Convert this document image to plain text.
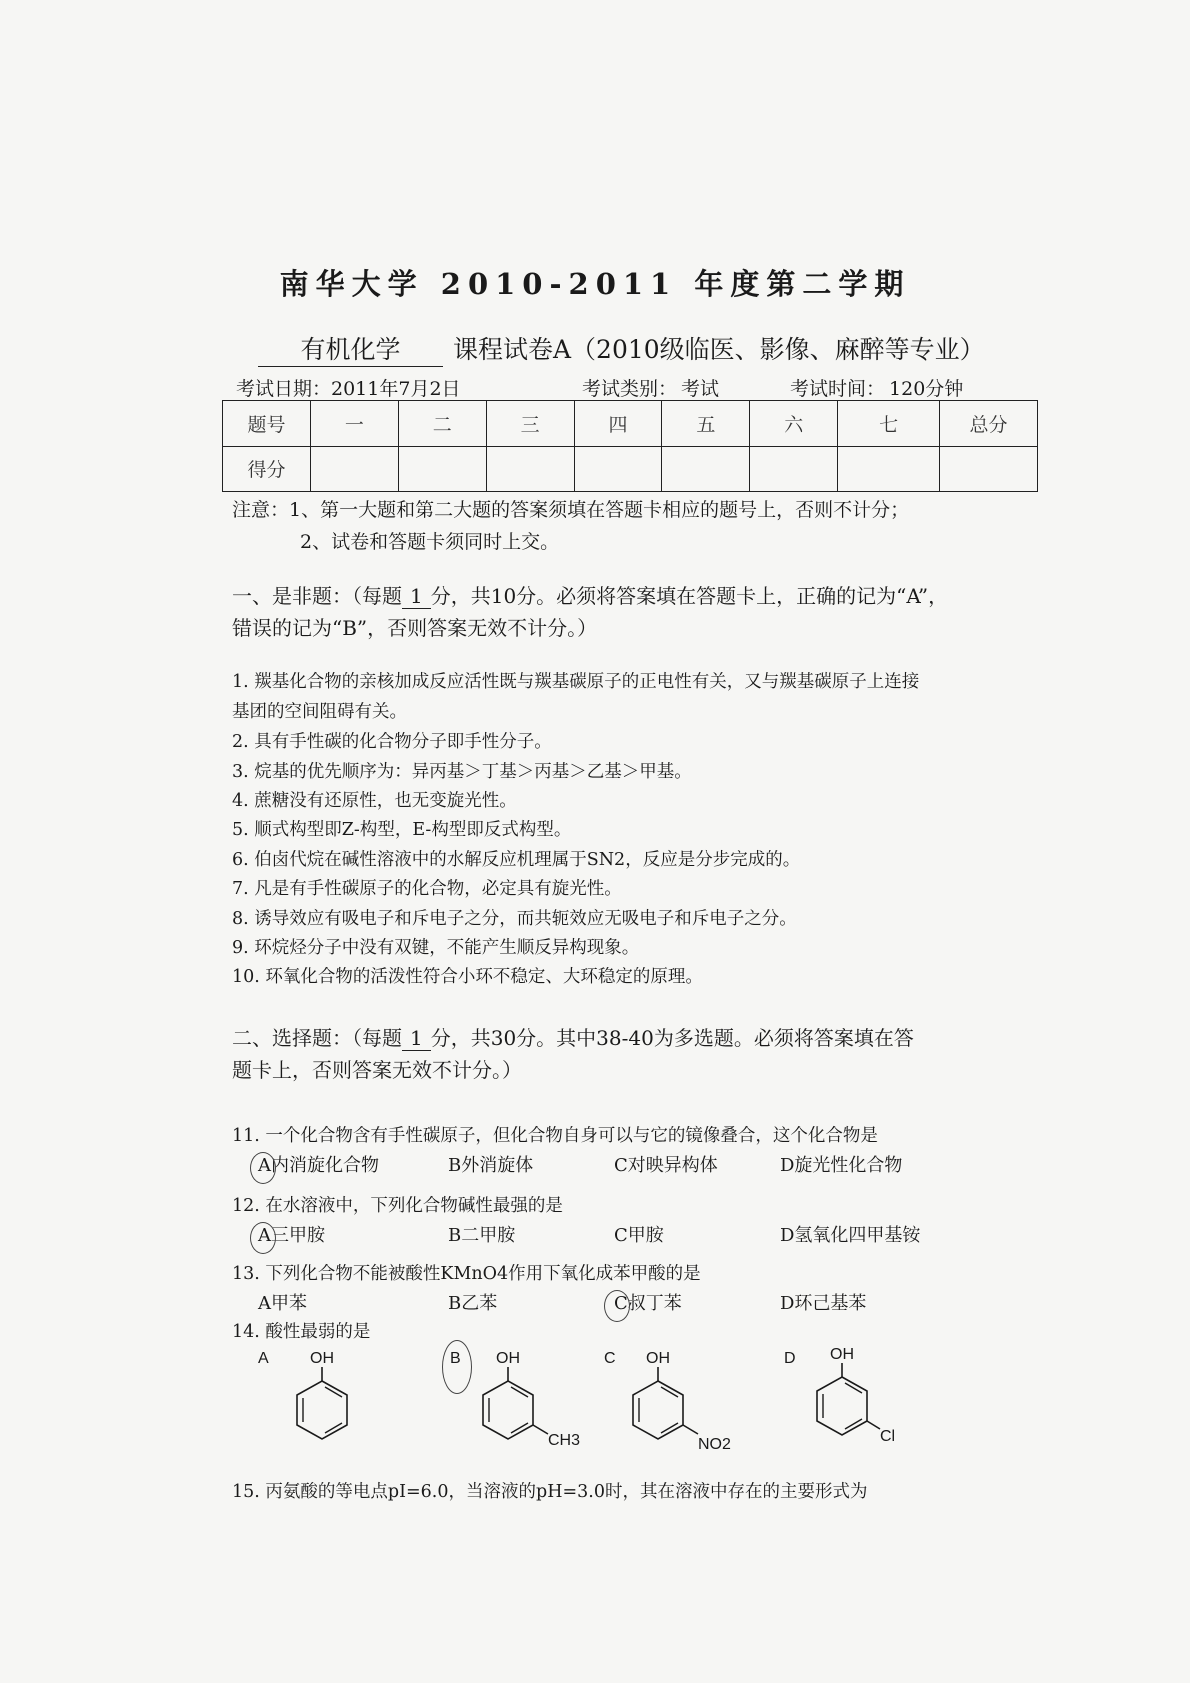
南华大学 2010-2011 年度第二学期
有机化学 课程试卷A（2010级临医、影像、麻醉等专业）
考试日期：2011年7月2日	考试类别： 考试	考试时间： 120分钟
题号	一	二	三	四	五	六	七	总分
得分								
注意：1、第一大题和第二大题的答案须填在答题卡相应的题号上，否则不计分；
2、试卷和答题卡须同时上交。
一、是非题：（每题 1 分，共10分。必须将答案填在答题卡上，正确的记为“A”，
错误的记为“B”，否则答案无效不计分。）
1. 羰基化合物的亲核加成反应活性既与羰基碳原子的正电性有关，又与羰基碳原子上连接
基团的空间阻碍有关。
2. 具有手性碳的化合物分子即手性分子。
3. 烷基的优先顺序为：异丙基＞丁基＞丙基＞乙基＞甲基。
4. 蔗糖没有还原性，也无变旋光性。
5. 顺式构型即Z-构型，E-构型即反式构型。
6. 伯卤代烷在碱性溶液中的水解反应机理属于SN2，反应是分步完成的。
7. 凡是有手性碳原子的化合物，必定具有旋光性。
8. 诱导效应有吸电子和斥电子之分，而共轭效应无吸电子和斥电子之分。
9. 环烷烃分子中没有双键，不能产生顺反异构现象。
10. 环氧化合物的活泼性符合小环不稳定、大环稳定的原理。
二、选择题：（每题 1 分，共30分。其中38-40为多选题。必须将答案填在答
题卡上，否则答案无效不计分。）
11. 一个化合物含有手性碳原子，但化合物自身可以与它的镜像叠合，这个化合物是
A内消旋化合物	B外消旋体	C对映异构体	D旋光性化合物
12. 在水溶液中，下列化合物碱性最强的是
A三甲胺	B二甲胺	C甲胺	D氢氧化四甲基铵
13. 下列化合物不能被酸性KMnO4作用下氧化成苯甲酸的是
A甲苯	B乙苯	C叔丁苯	D环己基苯
14. 酸性最弱的是
A	OH	B OH
CH3
C OH
NO2
D OH
Cl
15. 丙氨酸的等电点pI=6.0，当溶液的pH=3.0时，其在溶液中存在的主要形式为
